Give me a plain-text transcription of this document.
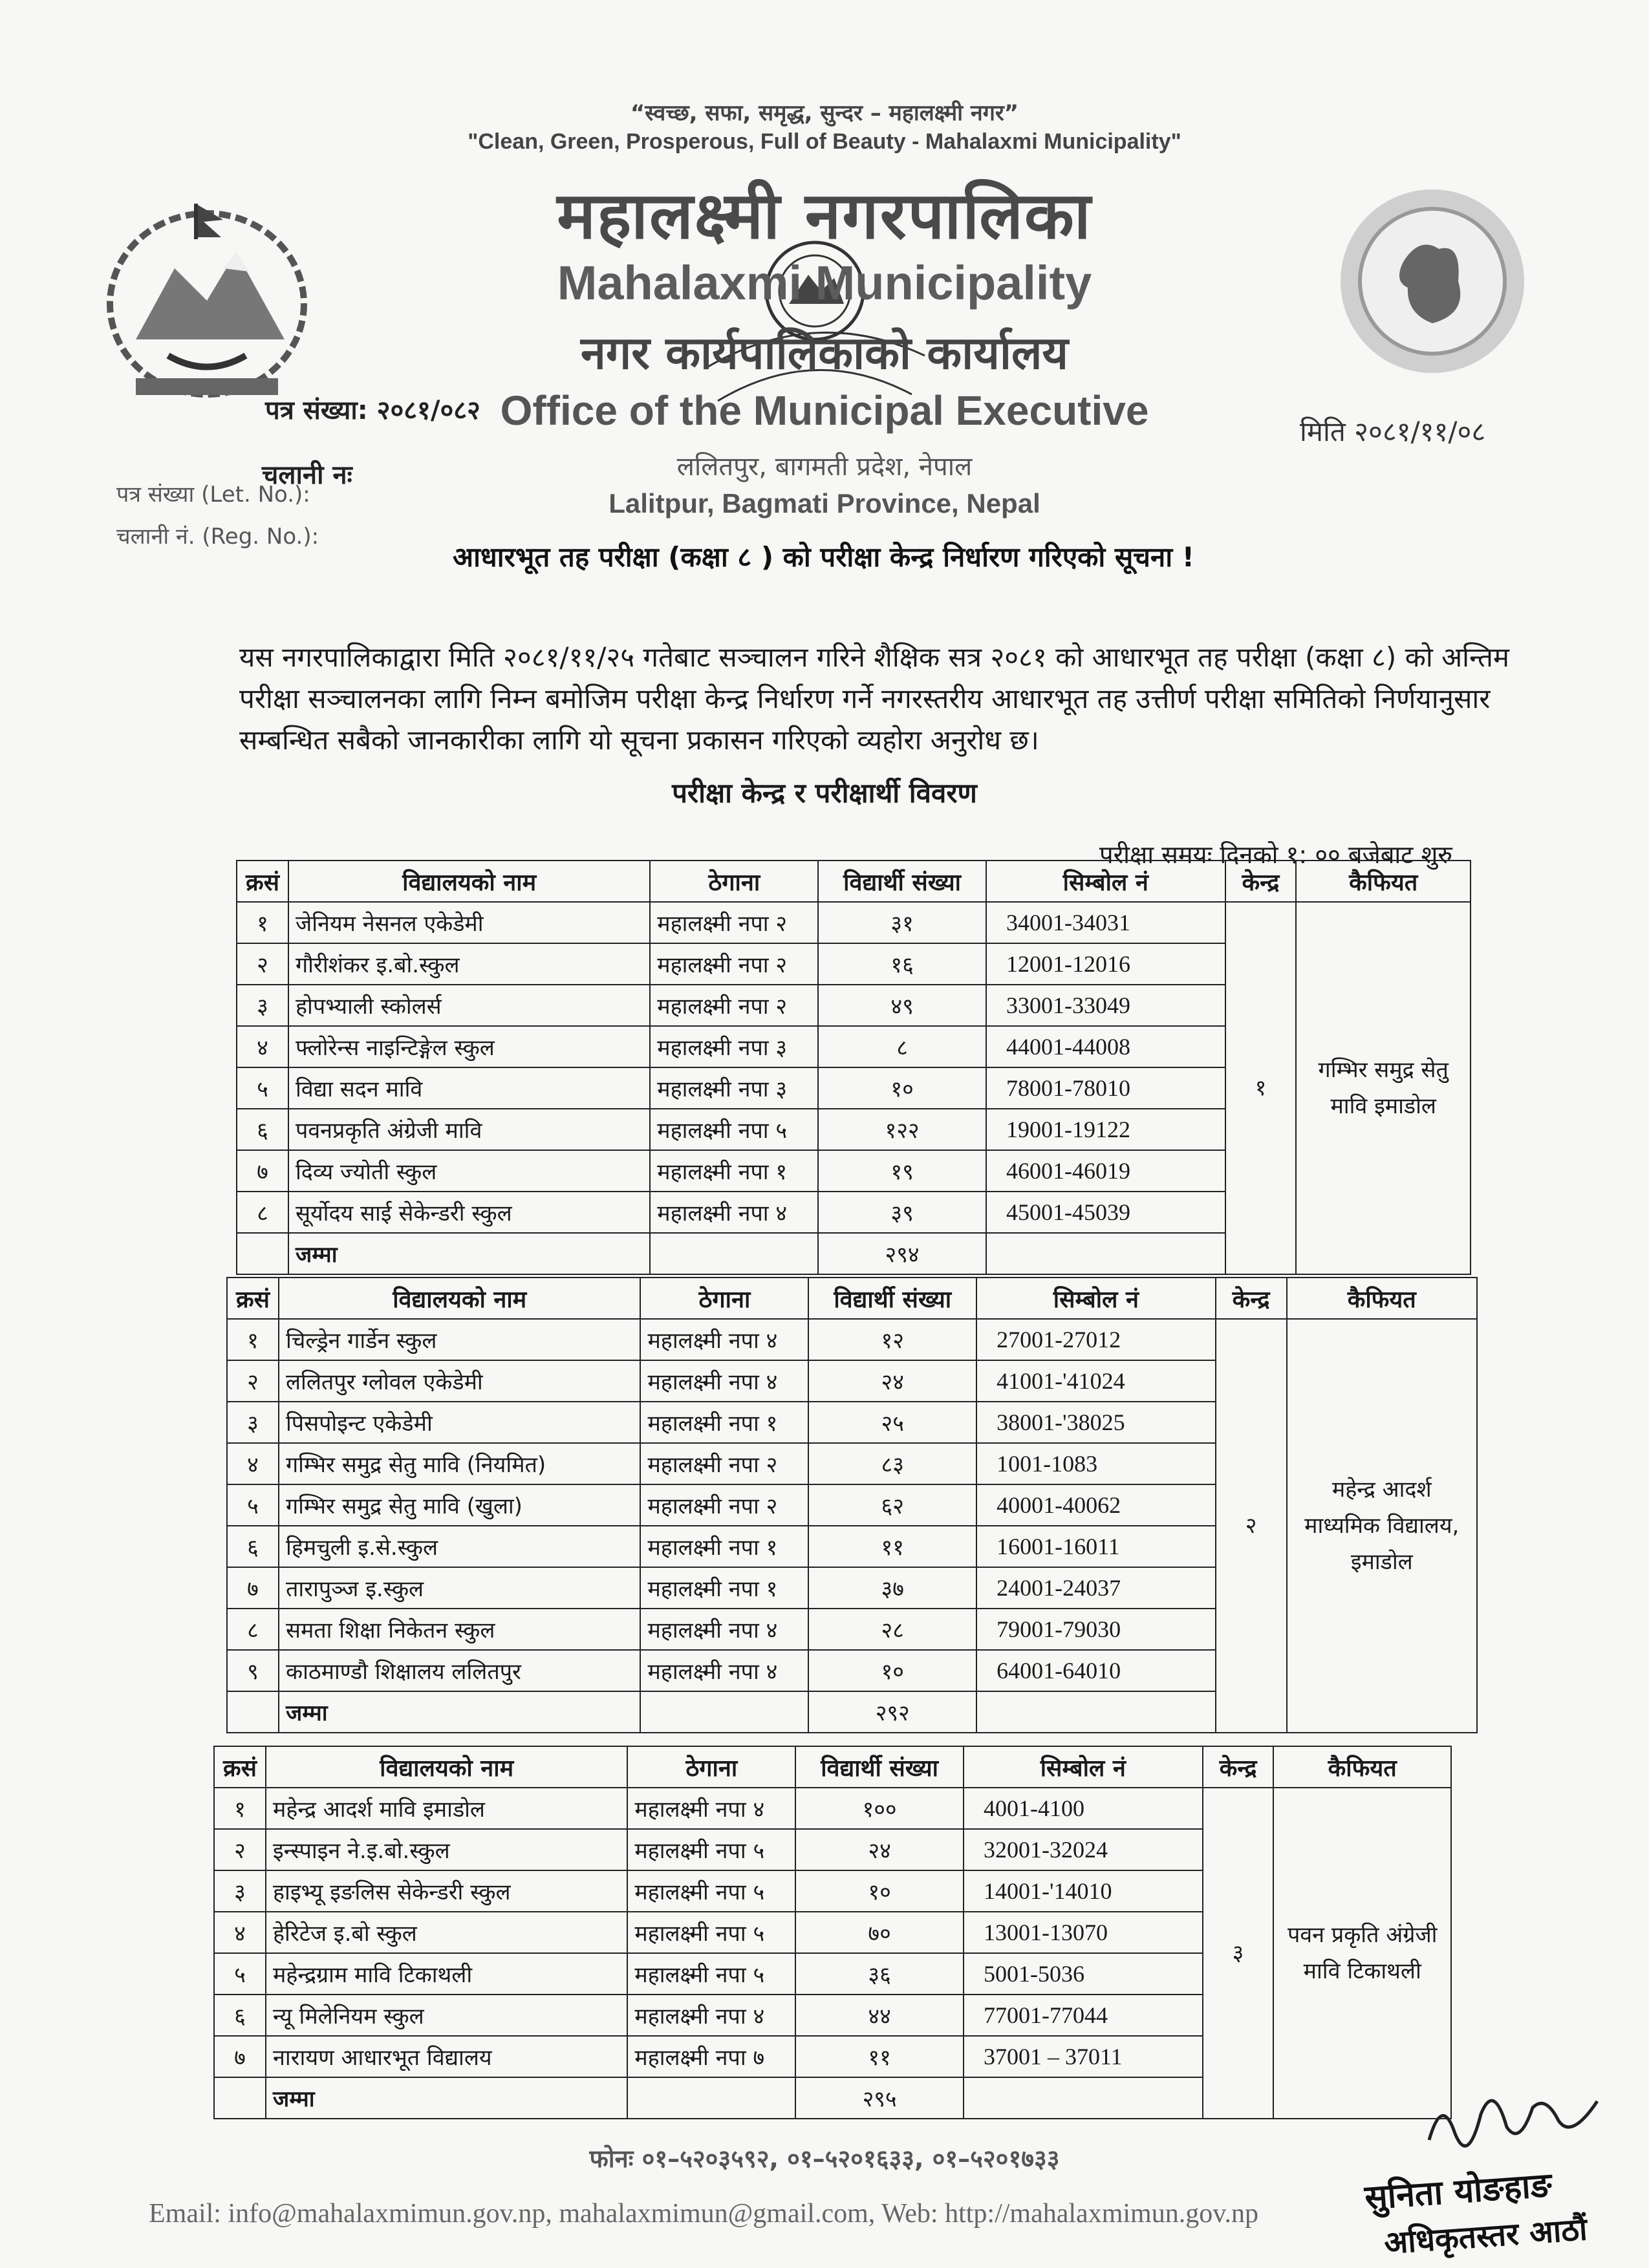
“स्वच्छ, सफा, समृद्ध, सुन्दर – महालक्ष्मी नगर”
"Clean, Green, Prosperous, Full of Beauty - Mahalaxmi Municipality"
महालक्ष्मी नगरपालिका
Mahalaxmi Municipality
नगर कार्यपालिकाको कार्यालय
Office of the Municipal Executive
ललितपुर, बागमती प्रदेश, नेपाल
Lalitpur, Bagmati Province, Nepal
पत्र संख्या: २०८१/०८२
चलानी नः
पत्र संख्या (Let. No.):
चलानी नं. (Reg. No.):
मिति २०८१/११/०८
आधारभूत तह परीक्षा (कक्षा ८ ) को परीक्षा केन्द्र निर्धारण गरिएको सूचना !
यस नगरपालिकाद्वारा मिति २०८१/११/२५ गतेबाट सञ्चालन गरिने शैक्षिक सत्र २०८१ को आधारभूत तह परीक्षा (कक्षा ८) को अन्तिम परीक्षा सञ्चालनका लागि निम्न बमोजिम परीक्षा केन्द्र निर्धारण गर्ने नगरस्तरीय आधारभूत तह उत्तीर्ण परीक्षा समितिको निर्णयानुसार सम्बन्धित सबैको जानकारीका लागि यो सूचना प्रकासन गरिएको व्यहोरा अनुरोध छ।
परीक्षा केन्द्र र परीक्षार्थी विवरण
परीक्षा समयः दिनको १: ०० बजेबाट शुरु
क्रसं	विद्यालयको नाम	ठेगाना	विद्यार्थी संख्या	सिम्बोल नं	केन्द्र	कैफियत
१	जेनियम नेसनल एकेडेमी	महालक्ष्मी नपा २	३१	34001-34031	१	गम्भिर समुद्र सेतु मावि इमाडोल
२	गौरीशंकर इ.बो.स्कुल	महालक्ष्मी नपा २	१६	12001-12016		
३	होपभ्याली स्कोलर्स	महालक्ष्मी नपा २	४९	33001-33049		
४	फ्लोरेन्स नाइन्टिङ्गेल स्कुल	महालक्ष्मी नपा ३	८	44001-44008		
५	विद्या सदन मावि	महालक्ष्मी नपा ३	१०	78001-78010		
६	पवनप्रकृति अंग्रेजी मावि	महालक्ष्मी नपा ५	१२२	19001-19122		
७	दिव्य ज्योती स्कुल	महालक्ष्मी नपा १	१९	46001-46019		
८	सूर्योदय साई सेकेन्डरी स्कुल	महालक्ष्मी नपा ४	३९	45001-45039		
	जम्मा		२९४			
क्रसं	विद्यालयको नाम	ठेगाना	विद्यार्थी संख्या	सिम्बोल नं	केन्द्र	कैफियत
१	चिल्ड्रेन गार्डेन स्कुल	महालक्ष्मी नपा ४	१२	27001-27012	२	महेन्द्र आदर्श माध्यमिक विद्यालय, इमाडोल
२	ललितपुर ग्लोवल एकेडेमी	महालक्ष्मी नपा ४	२४	41001-'41024		
३	पिसपोइन्ट एकेडेमी	महालक्ष्मी नपा १	२५	38001-'38025		
४	गम्भिर समुद्र सेतु मावि (नियमित)	महालक्ष्मी नपा २	८३	1001-1083		
५	गम्भिर समुद्र सेतु मावि (खुला)	महालक्ष्मी नपा २	६२	40001-40062		
६	हिमचुली इ.से.स्कुल	महालक्ष्मी नपा १	११	16001-16011		
७	तारापुञ्ज इ.स्कुल	महालक्ष्मी नपा १	३७	24001-24037		
८	समता शिक्षा निकेतन स्कुल	महालक्ष्मी नपा ४	२८	79001-79030		
९	काठमाण्डौ शिक्षालय ललितपुर	महालक्ष्मी नपा ४	१०	64001-64010		
	जम्मा		२९२			
क्रसं	विद्यालयको नाम	ठेगाना	विद्यार्थी संख्या	सिम्बोल नं	केन्द्र	कैफियत
१	महेन्द्र आदर्श मावि इमाडोल	महालक्ष्मी नपा ४	१००	4001-4100	३	पवन प्रकृति अंग्रेजी मावि टिकाथली
२	इन्स्पाइन ने.इ.बो.स्कुल	महालक्ष्मी नपा ५	२४	32001-32024		
३	हाइभ्यू इङलिस सेकेन्डरी स्कुल	महालक्ष्मी नपा ५	१०	14001-'14010		
४	हेरिटेज इ.बो स्कुल	महालक्ष्मी नपा ५	७०	13001-13070		
५	महेन्द्रग्राम मावि टिकाथली	महालक्ष्मी नपा ५	३६	5001-5036		
६	न्यू मिलेनियम स्कुल	महालक्ष्मी नपा ४	४४	77001-77044		
७	नारायण आधारभूत विद्यालय	महालक्ष्मी नपा ७	११	37001 – 37011		
	जम्मा		२९५			
फोनः ०१–५२०३५९२, ०१–५२०१६३३, ०१–५२०१७३३
Email: info@mahalaxmimun.gov.np, mahalaxmimun@gmail.com, Web: http://mahalaxmimun.gov.np	सुनिता योङहाङ
अधिकृतस्तर आठौं
